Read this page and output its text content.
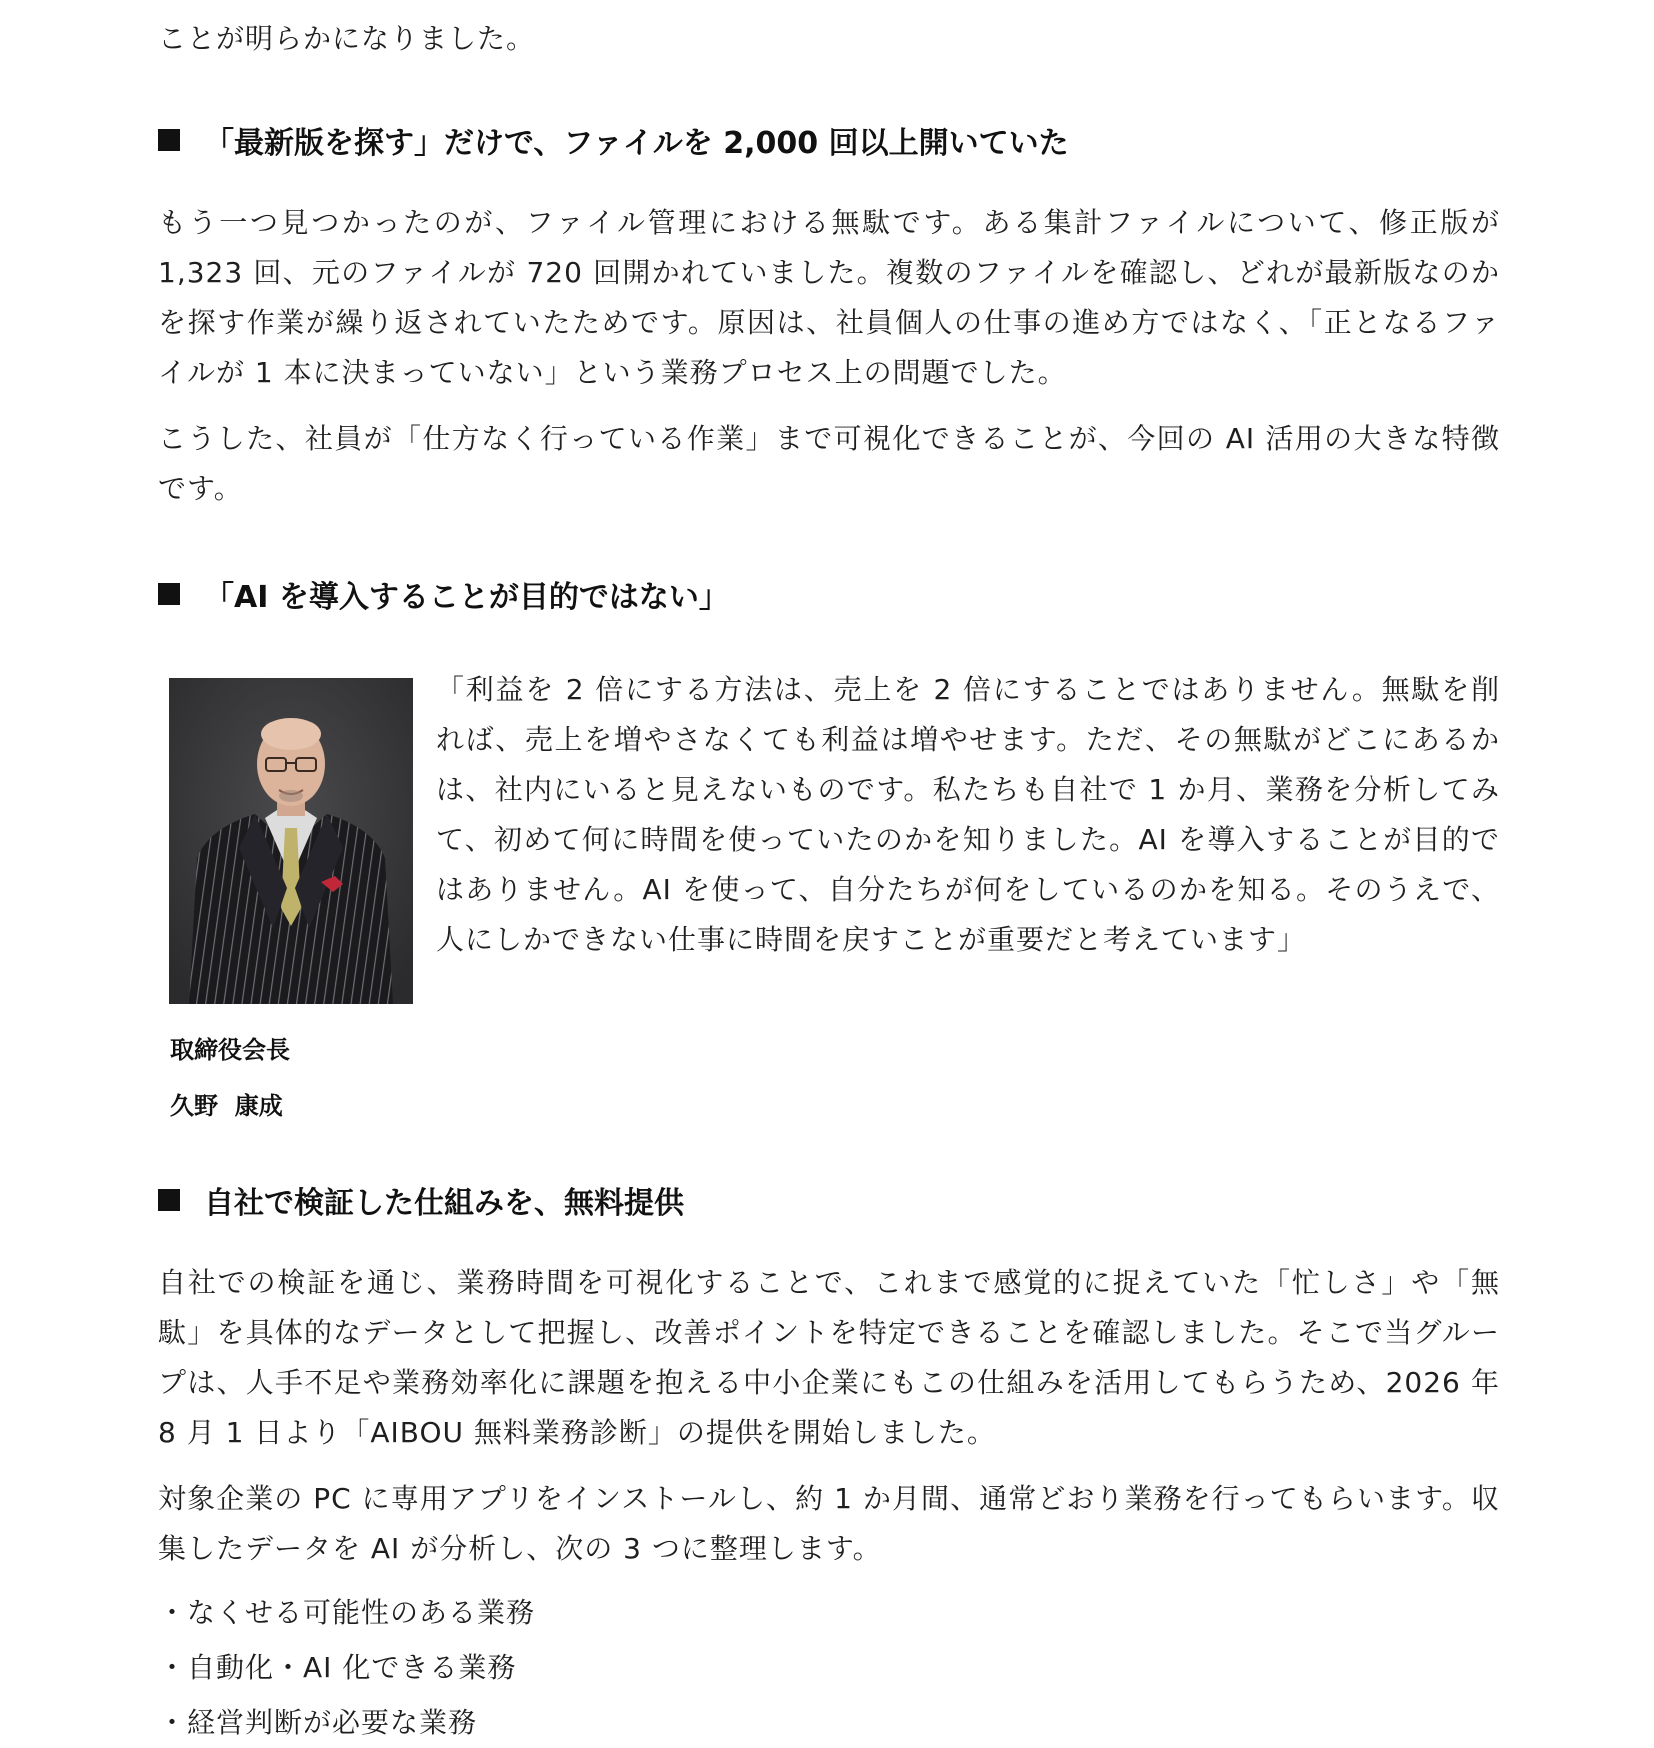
ことが明らかになりました。
「最新版を探す」だけで、ファイルを 2,000 回以上開いていた
もう一つ見つかったのが、ファイル管理における無駄です。ある集計ファイルについて、修正版が 1,323 回、元のファイルが 720 回開かれていました。複数のファイルを確認し、どれが最新版なのかを探す作業が繰り返されていたためです。原因は、社員個人の仕事の進め方ではなく、「正となるファイルが 1 本に決まっていない」という業務プロセス上の問題でした。
こうした、社員が「仕方なく行っている作業」まで可視化できることが、今回の AI 活用の大きな特徴です。
「AI を導入することが目的ではない」
「利益を 2 倍にする方法は、売上を 2 倍にすることではありません。無駄を削れば、売上を増やさなくても利益は増やせます。ただ、その無駄がどこにあるかは、社内にいると見えないものです。私たちも自社で 1 か月、業務を分析してみて、初めて何に時間を使っていたのかを知りました。AI を導入することが目的ではありません。AI を使って、自分たちが何をしているのかを知る。そのうえで、人にしかできない仕事に時間を戻すことが重要だと考えています」
取締役会長
久野  康成
自社で検証した仕組みを、無料提供
自社での検証を通じ、業務時間を可視化することで、これまで感覚的に捉えていた「忙しさ」や「無駄」を具体的なデータとして把握し、改善ポイントを特定できることを確認しました。そこで当グループは、人手不足や業務効率化に課題を抱える中小企業にもこの仕組みを活用してもらうため、2026 年 8 月 1 日より「AIBOU 無料業務診断」の提供を開始しました。
対象企業の PC に専用アプリをインストールし、約 1 か月間、通常どおり業務を行ってもらいます。収集したデータを AI が分析し、次の 3 つに整理します。
・なくせる可能性のある業務
・自動化・AI 化できる業務
・経営判断が必要な業務
